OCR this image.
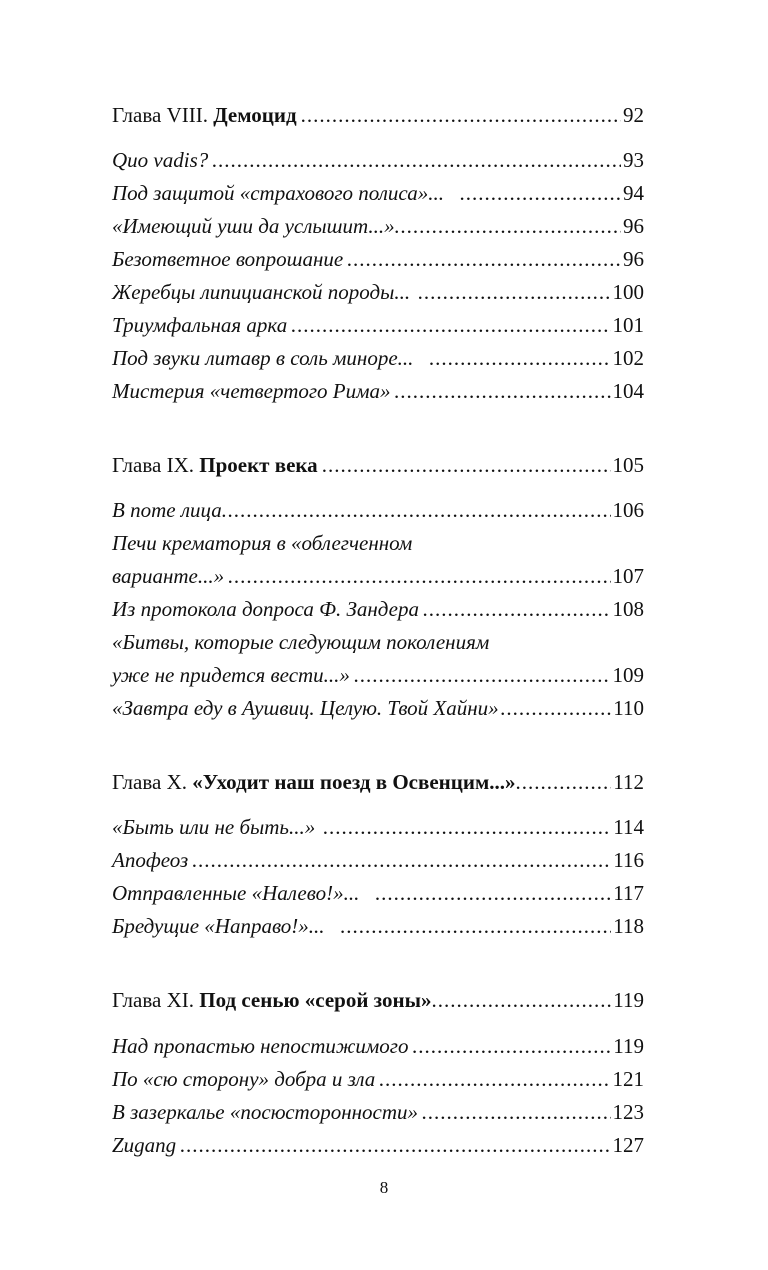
Глава VIII. Демоцид .....	92
Quo vadis? .....	93
Под защитой «страхового полиса»... .....	94
«Имеющий уши да услышит...» .....	96
Безответное вопрошание .....	96
Жеребцы липицианской породы... .....	100
Триумфальная арка .....	101
Под звуки литавр в соль миноре... .....	102
Мистерия «четвертого Рима» .....	104
Глава IX. Проект века .....	105
В поте лица .....	106
Печи крематория в «облегченном
варианте...» .....	107
Из протокола допроса Ф. Зандера .....	108
«Битвы, которые следующим поколениям
уже не придется вести...» .....	109
«Завтра еду в Аушвиц. Целую. Твой Хайни» .....	110
Глава X. «Уходит наш поезд в Освенцим...» .....	112
«Быть или не быть...» .....	114
Апофеоз .....	116
Отправленные «Налево!»... .....	117
Бредущие «Направо!»... .....	118
Глава XI. Под сенью «серой зоны» .....	119
Над пропастью непостижимого .....	119
По «сю сторону» добра и зла .....	121
В зазеркалье «посюсторонности» .....	123
Zugang .....	127
8
